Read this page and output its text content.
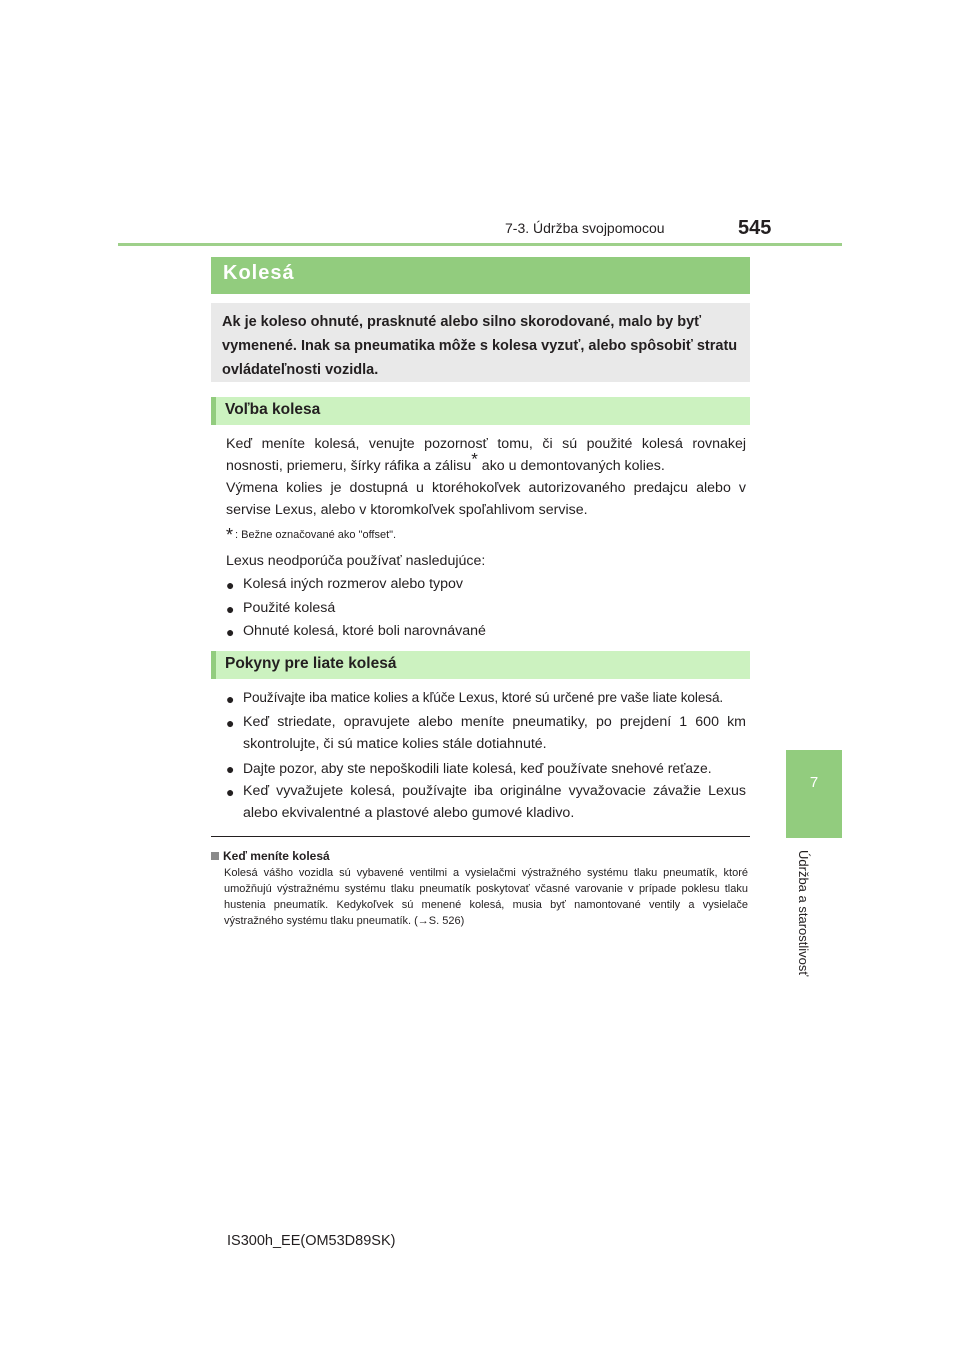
7-3. Údržba svojpomocou	545
7
Údržba a starostlivosť
Kolesá

Ak je koleso ohnuté, prasknuté alebo silno skorodované, malo by byť vymenené. Inak sa pneumatika môže s kolesa vyzuť, alebo spôsobiť stratu ovládateľnosti vozidla.

Voľba kolesa

Keď meníte kolesá, venujte pozornosť tomu, či sú použité kolesá rovnakej nosnosti, priemeru, šírky ráfika a zálisu* ako u demontovaných kolies.

Výmena kolies je dostupná u ktoréhokoľvek autorizovaného predajcu alebo v servise Lexus, alebo v ktoromkoľvek spoľahlivom servise.

* : Bežne označované ako "offset".

Lexus neodporúča používať nasledujúce:

● Kolesá iných rozmerov alebo typov
● Použité kolesá
● Ohnuté kolesá, ktoré boli narovnávané
Pokyny pre liate kolesá
● Používajte iba matice kolies a kľúče Lexus, ktoré sú určené pre vaše liate kolesá.
● Keď striedate, opravujete alebo meníte pneumatiky, po prejdení 1 600 km skontrolujte, či sú matice kolies stále dotiahnuté.
● Dajte pozor, aby ste nepoškodili liate kolesá, keď používate snehové reťaze.
● Keď vyvažujete kolesá, používajte iba originálne vyvažovacie závažie Lexus alebo ekvivalentné a plastové alebo gumové kladivo.
Keď meníte kolesá
Kolesá vášho vozidla sú vybavené ventilmi a vysielačmi výstražného systému tlaku pneumatík, ktoré umožňujú výstražnému systému tlaku pneumatík poskytovať včasné varovanie v prípade poklesu tlaku hustenia pneumatík. Kedykoľvek sú menené kolesá, musia byť namontované ventily a vysielače výstražného systému tlaku pneumatík. (→S. 526)
IS300h_EE(OM53D89SK)
